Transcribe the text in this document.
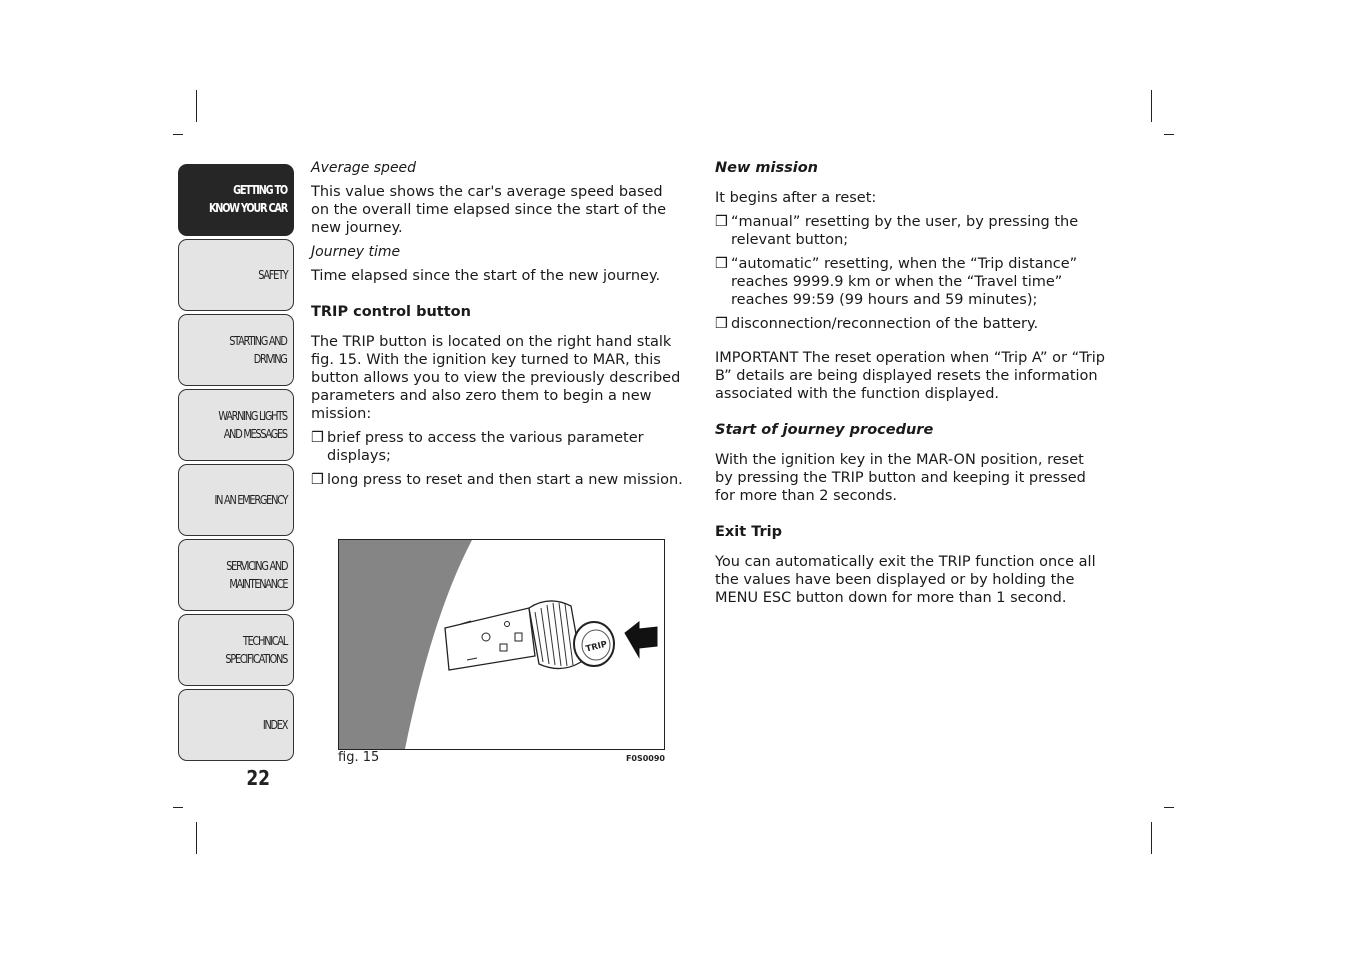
GETTING TO
KNOW YOUR CAR
SAFETY
STARTING AND
DRIVING
WARNING LIGHTS
AND MESSAGES
IN AN EMERGENCY
SERVICING AND
MAINTENANCE
TECHNICAL
SPECIFICATIONS
INDEX
22

Average speed

This value shows the car's average speed based on the overall time elapsed since the start of the new journey.

Journey time

Time elapsed since the start of the new journey.

TRIP control button

The TRIP button is located on the right hand stalk fig. 15. With the ignition key turned to MAR, this button allows you to view the previously described parameters and also zero them to begin a new mission:

❒ brief press to access the various parameter displays;

❒ long press to reset and then start a new mission.

TRIP
fig. 15	F0S0090

New mission

It begins after a reset:

❒ “manual” resetting by the user, by pressing the relevant button;

❒ “automatic” resetting, when the “Trip distance” reaches 9999.9 km or when the “Travel time” reaches 99:59 (99 hours and 59 minutes);

❒ disconnection/reconnection of the battery.

IMPORTANT The reset operation when “Trip A” or “Trip B” details are being displayed resets the information associated with the function displayed.

Start of journey procedure

With the ignition key in the MAR-ON position, reset by pressing the TRIP button and keeping it pressed for more than 2 seconds.

Exit Trip

You can automatically exit the TRIP function once all the values have been displayed or by holding the MENU ESC button down for more than 1 second.
